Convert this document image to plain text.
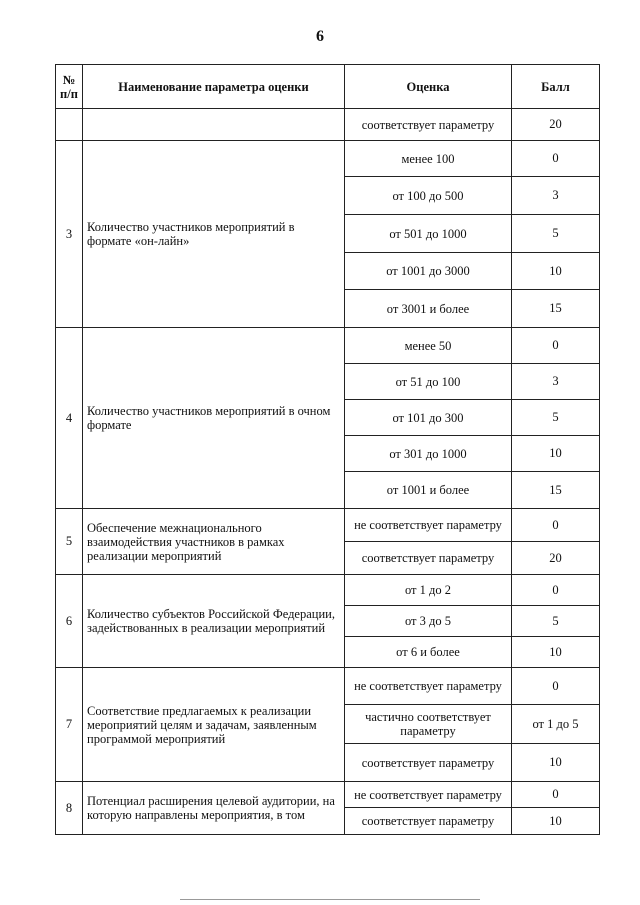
6
№ п/п	Наименование параметра оценки	Оценка	Балл
		соответствует параметру	20
3	Количество участников мероприятий в формате «он-лайн»	менее 100	0
		от 100 до 500	3
		от 501 до 1000	5
		от 1001 до 3000	10
		от 3001 и более	15
4	Количество участников мероприятий в очном формате	менее 50	0
		от 51 до 100	3
		от 101 до 300	5
		от 301 до 1000	10
		от 1001 и более	15
5	Обеспечение межнационального взаимодействия участников в рамках реализации мероприятий	не соответствует параметру	0
		соответствует параметру	20
6	Количество субъектов Российской Федерации, задействованных в реализации мероприятий	от 1 до 2	0
		от 3 до 5	5
		от 6 и более	10
7	Соответствие предлагаемых к реализации мероприятий целям и задачам, заявленным программой мероприятий	не соответствует параметру	0
		частично соответствует параметру	от 1 до 5
		соответствует параметру	10
8	Потенциал расширения целевой аудитории, на которую направлены мероприятия, в том	не соответствует параметру	0
		соответствует параметру	10
